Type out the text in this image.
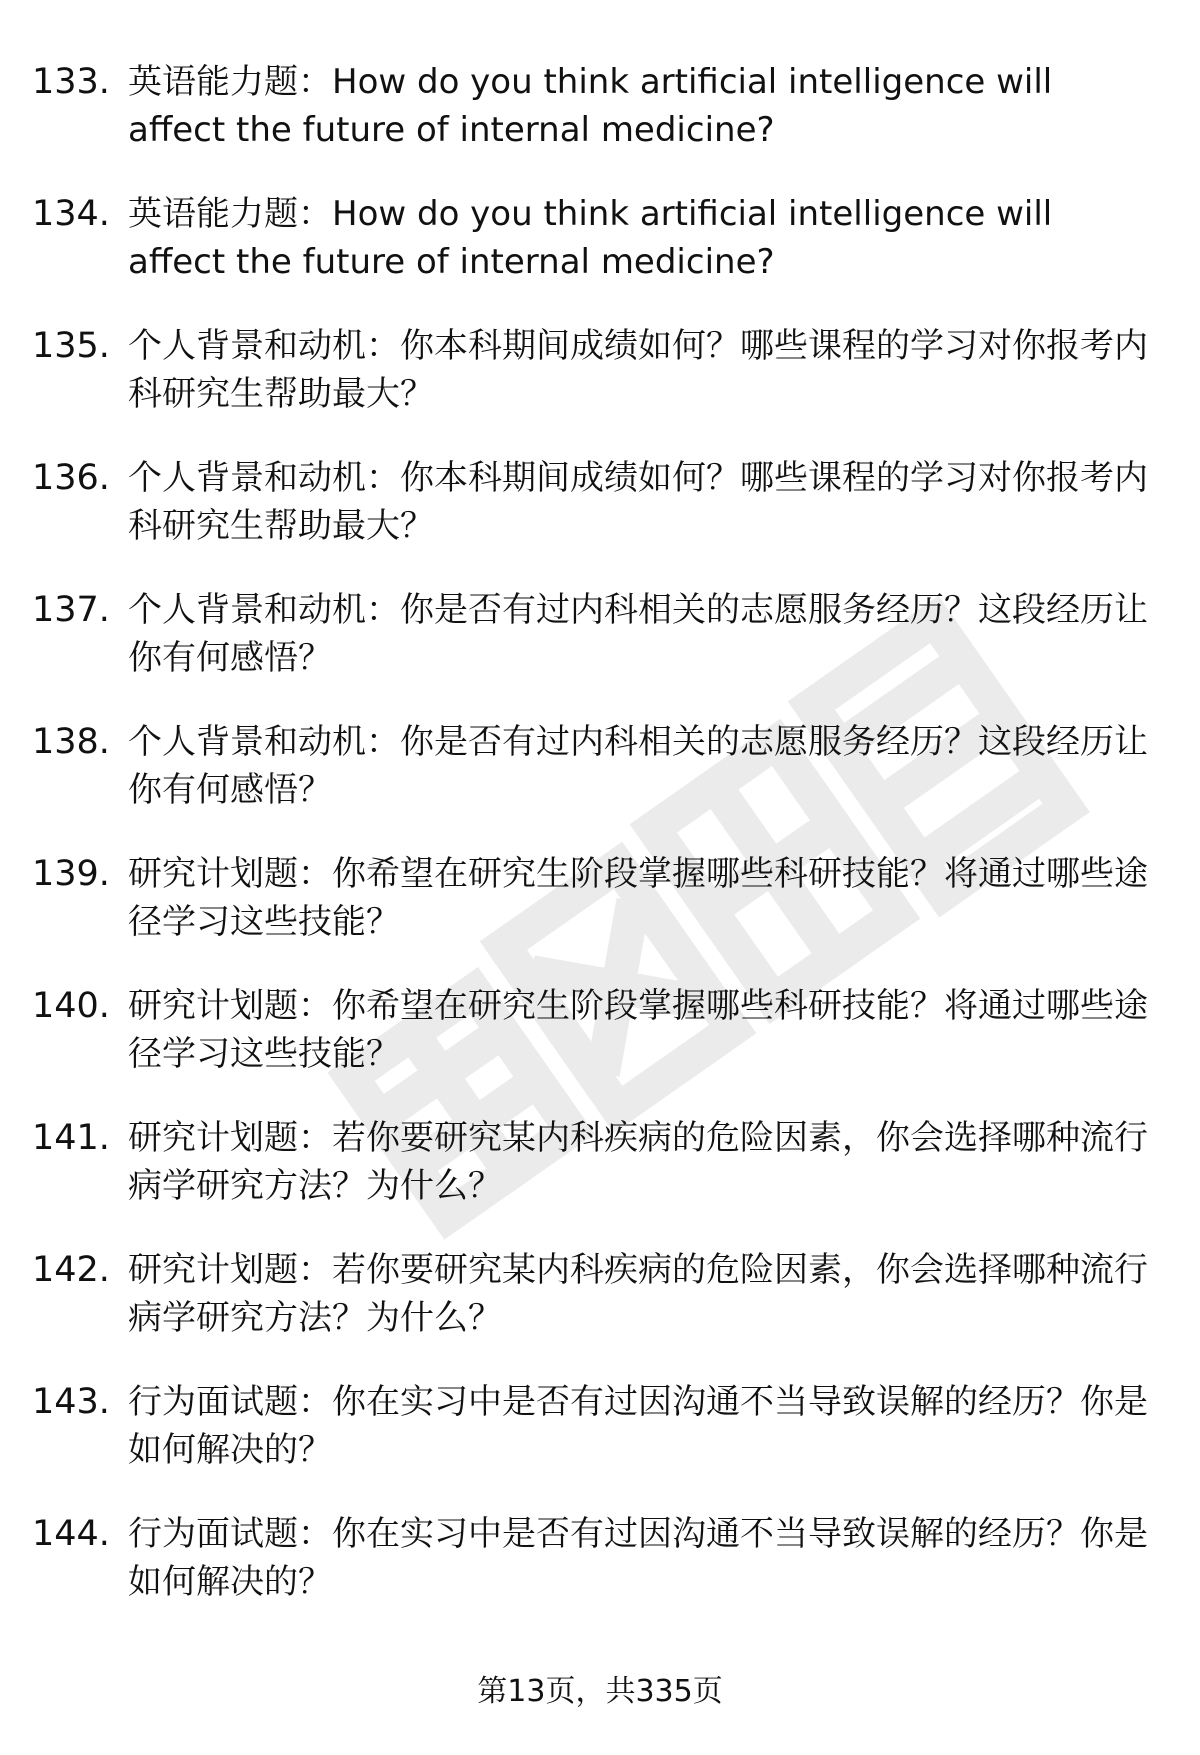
133. 英语能力题：How do you think artificial intelligence will affect the future of internal medicine?
134. 英语能力题：How do you think artificial intelligence will affect the future of internal medicine?
135. 个人背景和动机：你本科期间成绩如何？哪些课程的学习对你报考内科研究生帮助最大？
136. 个人背景和动机：你本科期间成绩如何？哪些课程的学习对你报考内科研究生帮助最大？
137. 个人背景和动机：你是否有过内科相关的志愿服务经历？这段经历让你有何感悟？
138. 个人背景和动机：你是否有过内科相关的志愿服务经历？这段经历让你有何感悟？
139. 研究计划题：你希望在研究生阶段掌握哪些科研技能？将通过哪些途径学习这些技能？
140. 研究计划题：你希望在研究生阶段掌握哪些科研技能？将通过哪些途径学习这些技能？
141. 研究计划题：若你要研究某内科疾病的危险因素，你会选择哪种流行病学研究方法？为什么？
142. 研究计划题：若你要研究某内科疾病的危险因素，你会选择哪种流行病学研究方法？为什么？
143. 行为面试题：你在实习中是否有过因沟通不当导致误解的经历？你是如何解决的？
144. 行为面试题：你在实习中是否有过因沟通不当导致误解的经历？你是如何解决的？
第13页，共335页
